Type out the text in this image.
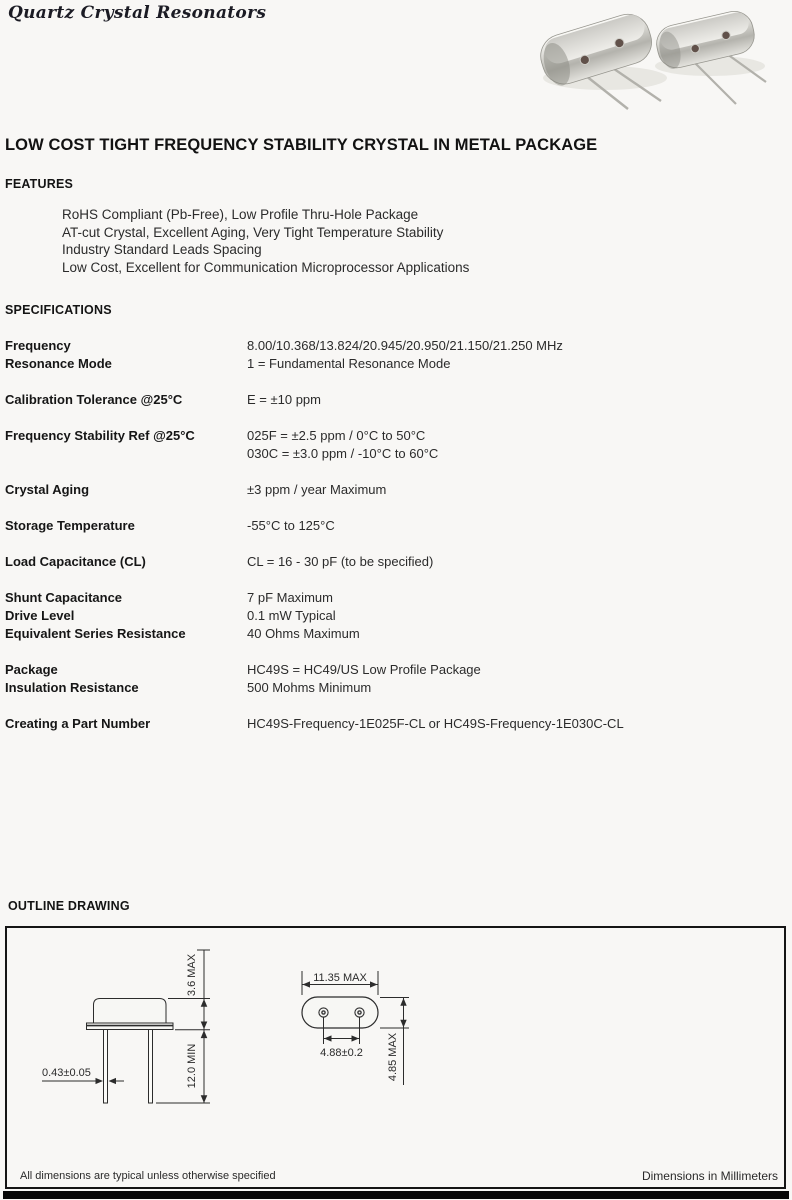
Quartz Crystal Resonators
LOW COST TIGHT FREQUENCY STABILITY CRYSTAL IN METAL PACKAGE
FEATURES
RoHS Compliant (Pb-Free), Low Profile Thru-Hole Package
AT-cut Crystal, Excellent Aging, Very Tight Temperature Stability
Industry Standard Leads Spacing
Low Cost, Excellent for Communication Microprocessor Applications
SPECIFICATIONS
Frequency	8.00/10.368/13.824/20.945/20.950/21.150/21.250 MHz
Resonance Mode	1 = Fundamental Resonance Mode
Calibration Tolerance @25°C	E = ±10 ppm
Frequency Stability Ref @25°C	025F = ±2.5 ppm / 0°C to 50°C
030C = ±3.0 ppm / -10°C to 60°C
Crystal Aging	±3 ppm / year Maximum
Storage Temperature	-55°C to 125°C
Load Capacitance (CL)	CL = 16 - 30 pF (to be specified)
Shunt Capacitance	7 pF Maximum
Drive Level	0.1 mW Typical
Equivalent Series Resistance	40 Ohms Maximum
Package	HC49S = HC49/US Low Profile Package
Insulation Resistance	500 Mohms Minimum
Creating a Part Number	HC49S-Frequency-1E025F-CL or HC49S-Frequency-1E030C-CL
OUTLINE DRAWING
0.43±0.05
3.6 MAX
12.0 MIN
11.35 MAX
4.88±0.2 4.85 MAX
All dimensions are typical unless otherwise specified	Dimensions in Millimeters
